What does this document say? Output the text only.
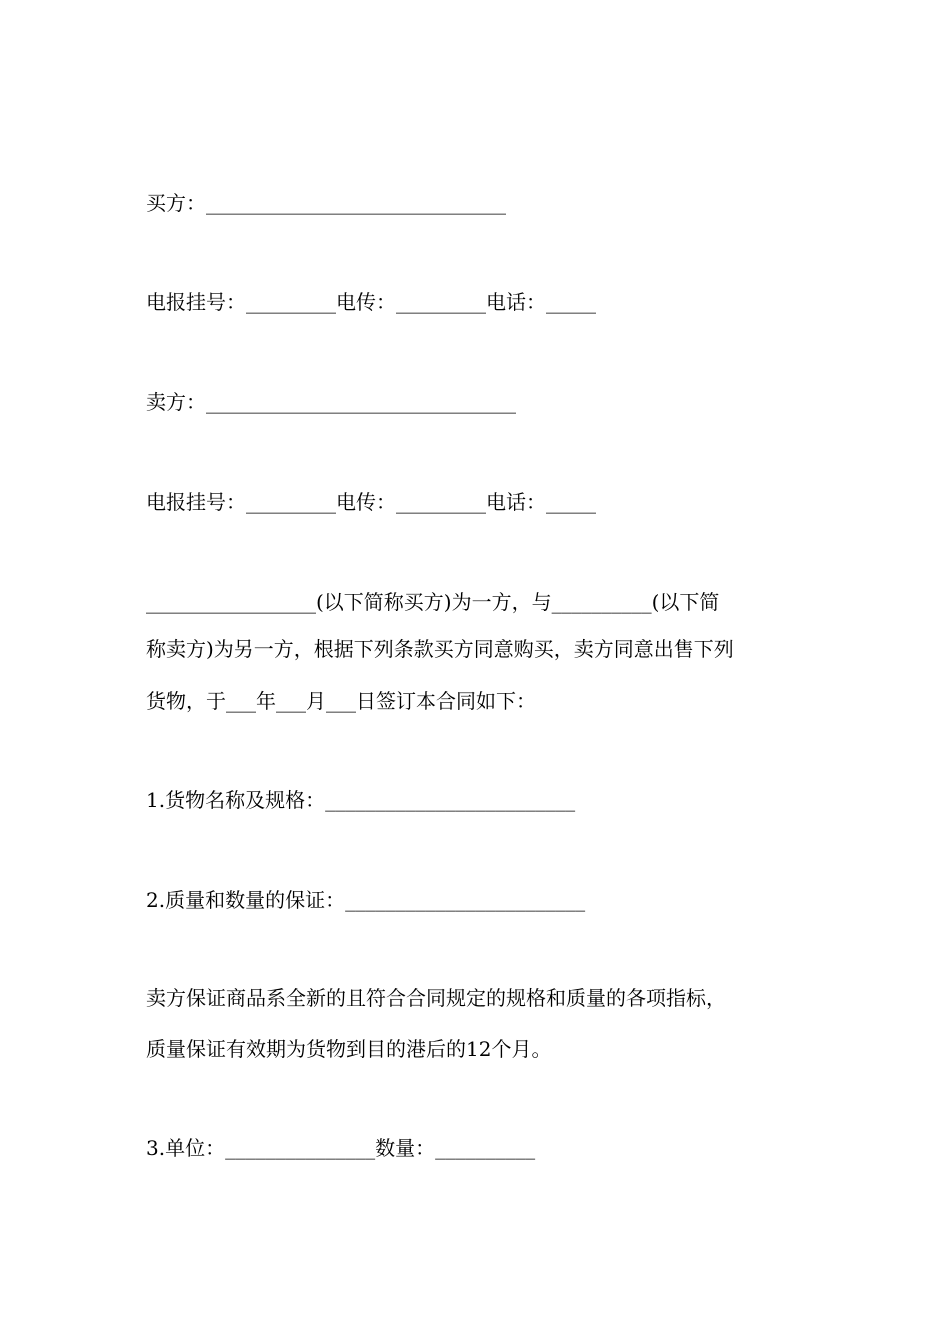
买方：______________________________
电报挂号：_________电传：_________电话：_____
卖方：_______________________________
电报挂号：_________电传：_________电话：_____
_________________(以下简称买方)为一方，与__________(以下简
称卖方)为另一方，根据下列条款买方同意购买，卖方同意出售下列
货物，于___年___月___日签订本合同如下：
1.货物名称及规格：_________________________
2.质量和数量的保证：________________________
卖方保证商品系全新的且符合合同规定的规格和质量的各项指标，
质量保证有效期为货物到目的港后的12个月。
3.单位：_______________数量：__________
